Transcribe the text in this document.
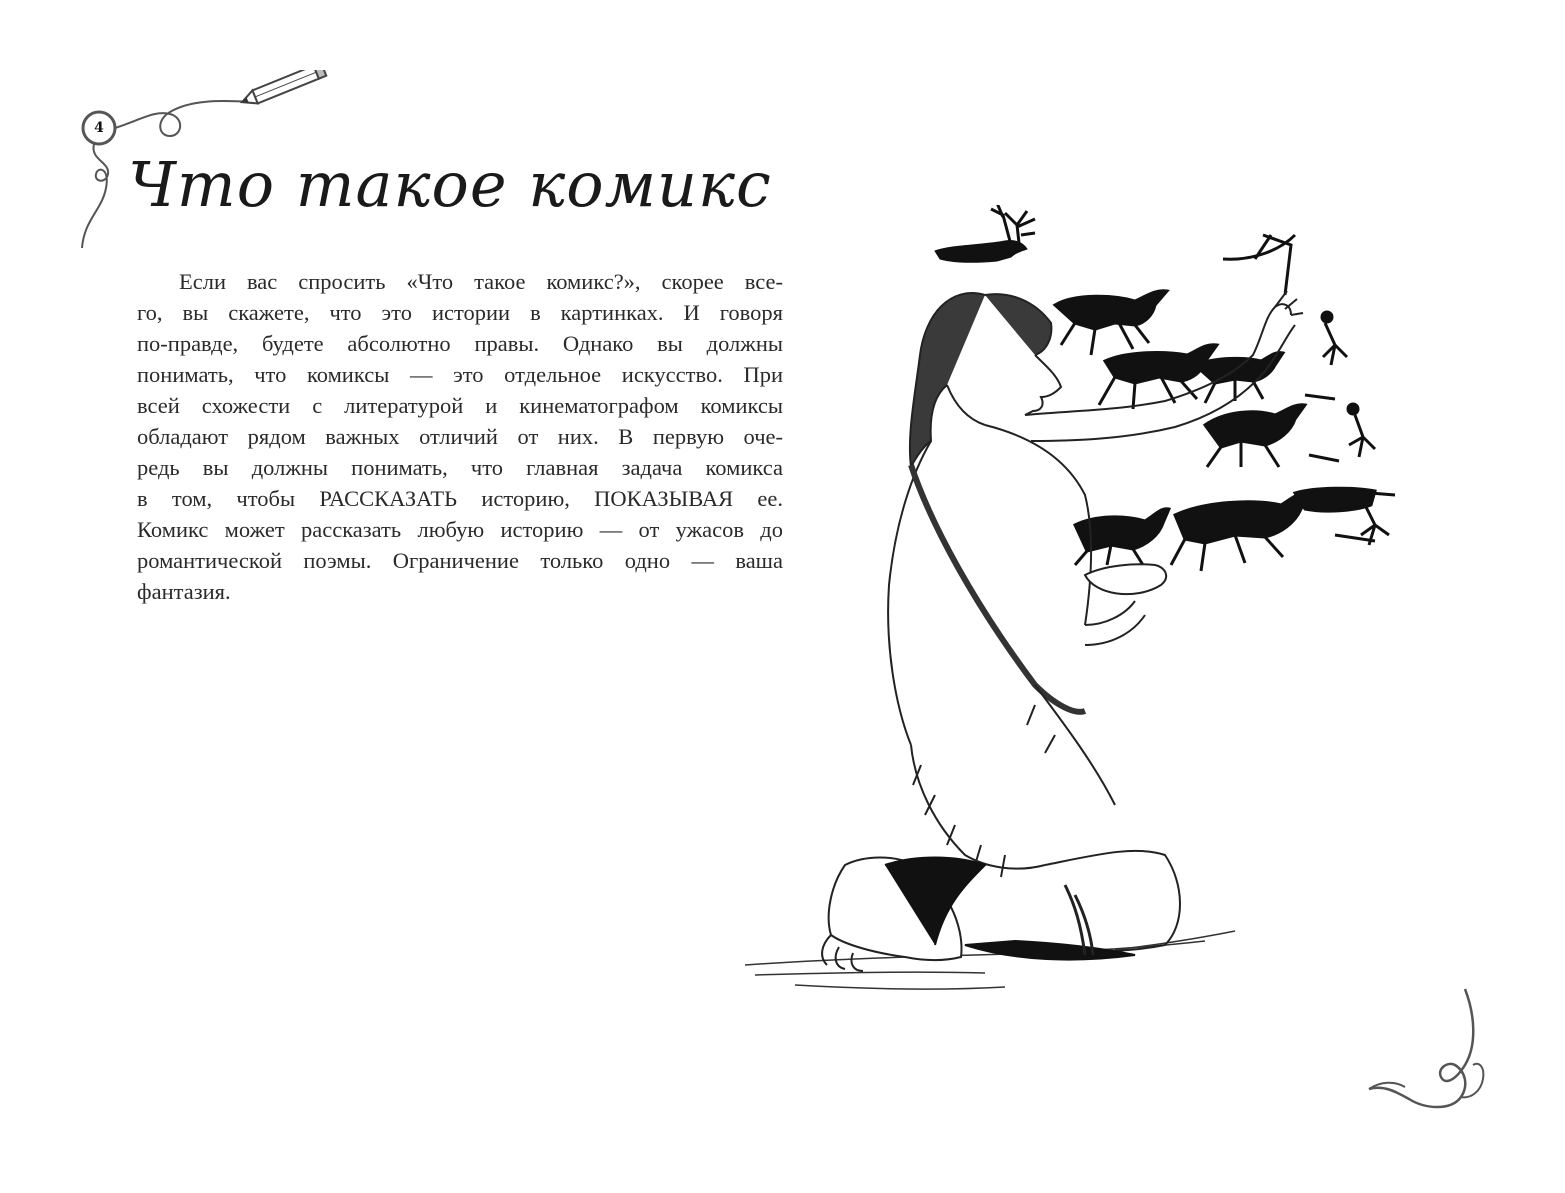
4
Что такое комикс
Если вас спросить «Что такое комикс?», скорее все-
го, вы скажете, что это истории в картинках. И говоря
по-правде, будете абсолютно правы. Однако вы должны
понимать, что комиксы — это отдельное искусство. При
всей схожести с литературой и кинематографом комиксы
обладают рядом важных отличий от них. В первую оче-
редь вы должны понимать, что главная задача комикса
в том, чтобы РАССКАЗАТЬ историю, ПОКАЗЫВАЯ ее.
Комикс может рассказать любую историю — от ужасов до
романтической поэмы. Ограничение только одно — ваша
фантазия.
